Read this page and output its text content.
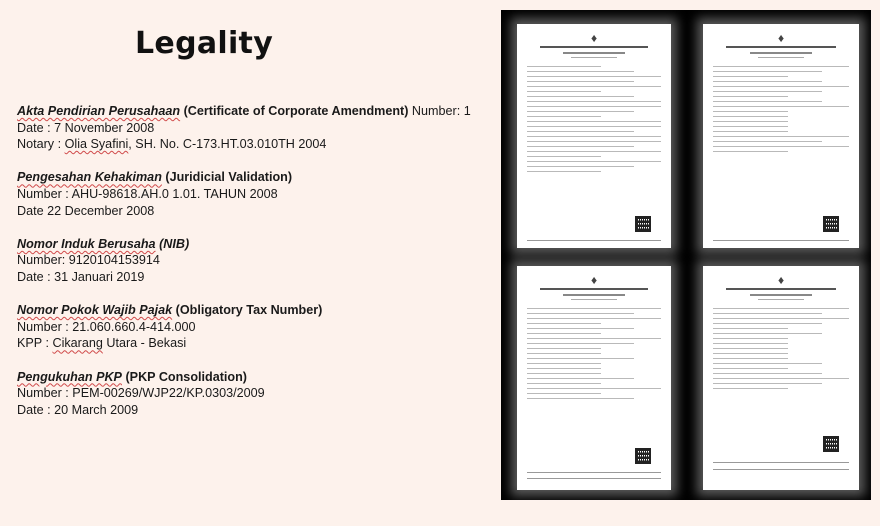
Legality
Akta Pendirian Perusahaan (Certificate of Corporate Amendment) Number: 1
Date : 7 November 2008
Notary : Olia Syafini, SH. No. C-173.HT.03.010TH 2004
Pengesahan Kehakiman (Juridicial Validation)
Number : AHU-98618.AH.0 1.01. TAHUN 2008
Date 22 December 2008
Nomor Induk Berusaha (NIB)
Number: 9120104153914
Date : 31 Januari 2019
Nomor Pokok Wajib Pajak (Obligatory Tax Number)
Number : 21.060.660.4-414.000
KPP : Cikarang Utara - Bekasi
Pengukuhan PKP (PKP Consolidation)
Number : PEM-00269/WJP22/KP.0303/2009
Date : 20 March 2009
♦	♦
♦	♦
